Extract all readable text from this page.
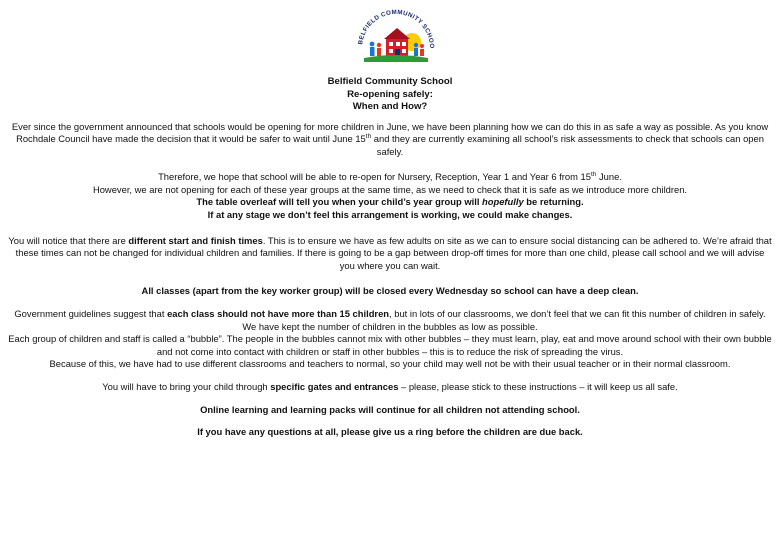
BELFIELD COMMUNITY SCHOO
Belfield Community School
Re-opening safely:
When and How?

Ever since the government announced that schools would be opening for more children in June, we have been planning how we can do this in as safe a way as possible. As you know Rochdale Council have made the decision that it would be safer to wait until June 15th and they are currently examining all school’s risk assessments to check that schools can open safely.

Therefore, we hope that school will be able to re-open for Nursery, Reception, Year 1 and Year 6 from 15th June.
However, we are not opening for each of these year groups at the same time, as we need to check that it is safe as we introduce more children.
The table overleaf will tell you when your child’s year group will hopefully be returning.
If at any stage we don’t feel this arrangement is working, we could make changes.

You will notice that there are different start and finish times. This is to ensure we have as few adults on site as we can to ensure social distancing can be adhered to. We’re afraid that these times can not be changed for individual children and families. If there is going to be a gap between drop-off times for more than one child, please call school and we will advise you where you can wait.

All classes (apart from the key worker group) will be closed every Wednesday so school can have a deep clean.

Government guidelines suggest that each class should not have more than 15 children, but in lots of our classrooms, we don’t feel that we can fit this number of children in safely. We have kept the number of children in the bubbles as low as possible.
Each group of children and staff is called a “bubble”. The people in the bubbles cannot mix with other bubbles – they must learn, play, eat and move around school with their own bubble and not come into contact with children or staff in other bubbles – this is to reduce the risk of spreading the virus.
Because of this, we have had to use different classrooms and teachers to normal, so your child may well not be with their usual teacher or in their normal classroom.

You will have to bring your child through specific gates and entrances – please, please stick to these instructions – it will keep us all safe.

Online learning and learning packs will continue for all children not attending school.

If you have any questions at all, please give us a ring before the children are due back.
